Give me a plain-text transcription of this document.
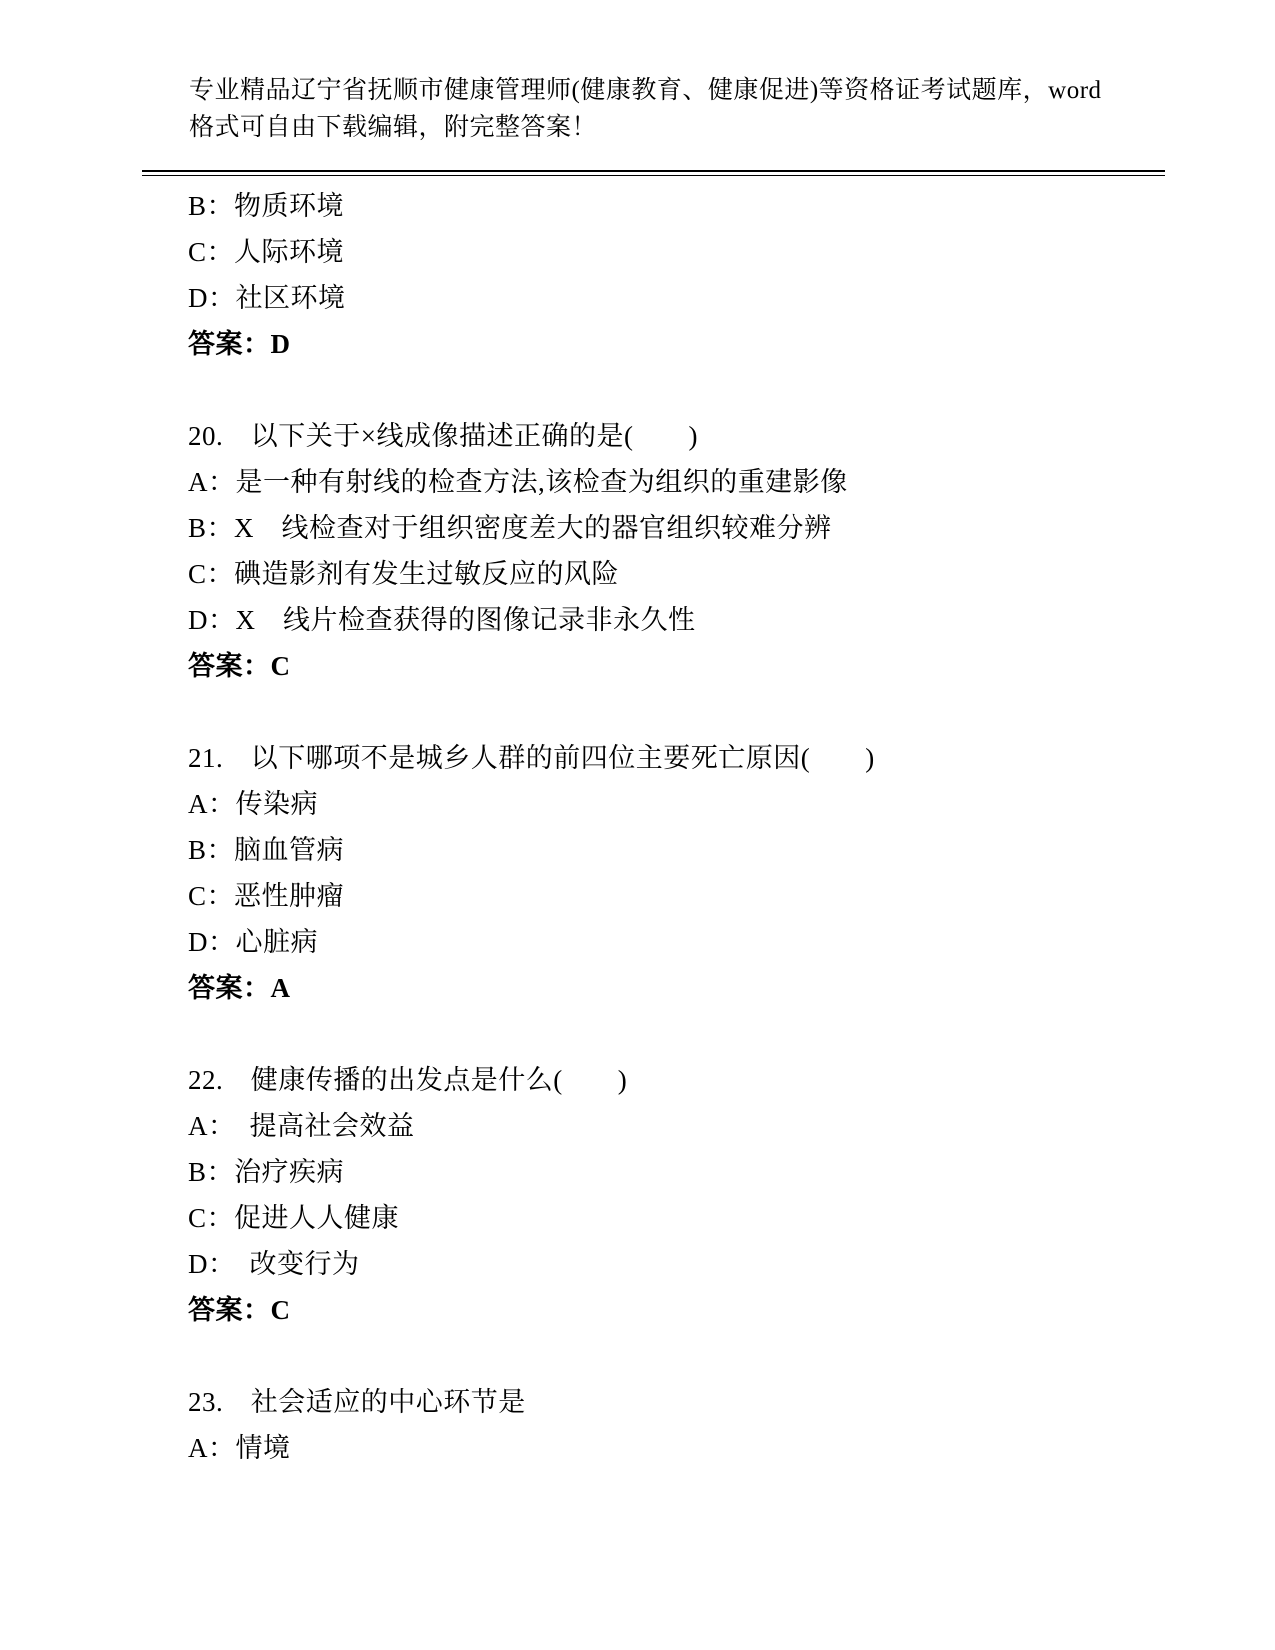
专业精品辽宁省抚顺市健康管理师(健康教育、健康促进)等资格证考试题库，word
格式可自由下载编辑，附完整答案！
B：物质环境
C：人际环境
D：社区环境
答案：D
20.　以下关于×线成像描述正确的是(　　)
A：是一种有射线的检查方法,该检查为组织的重建影像
B：X　线检查对于组织密度差大的器官组织较难分辨
C：碘造影剂有发生过敏反应的风险
D：X　线片检查获得的图像记录非永久性
答案：C
21.　以下哪项不是城乡人群的前四位主要死亡原因(　　)
A：传染病
B：脑血管病
C：恶性肿瘤
D：心脏病
答案：A
22.　健康传播的出发点是什么(　　)
A：　提高社会效益
B：治疗疾病
C：促进人人健康
D：　改变行为
答案：C
23.　社会适应的中心环节是
A：情境
